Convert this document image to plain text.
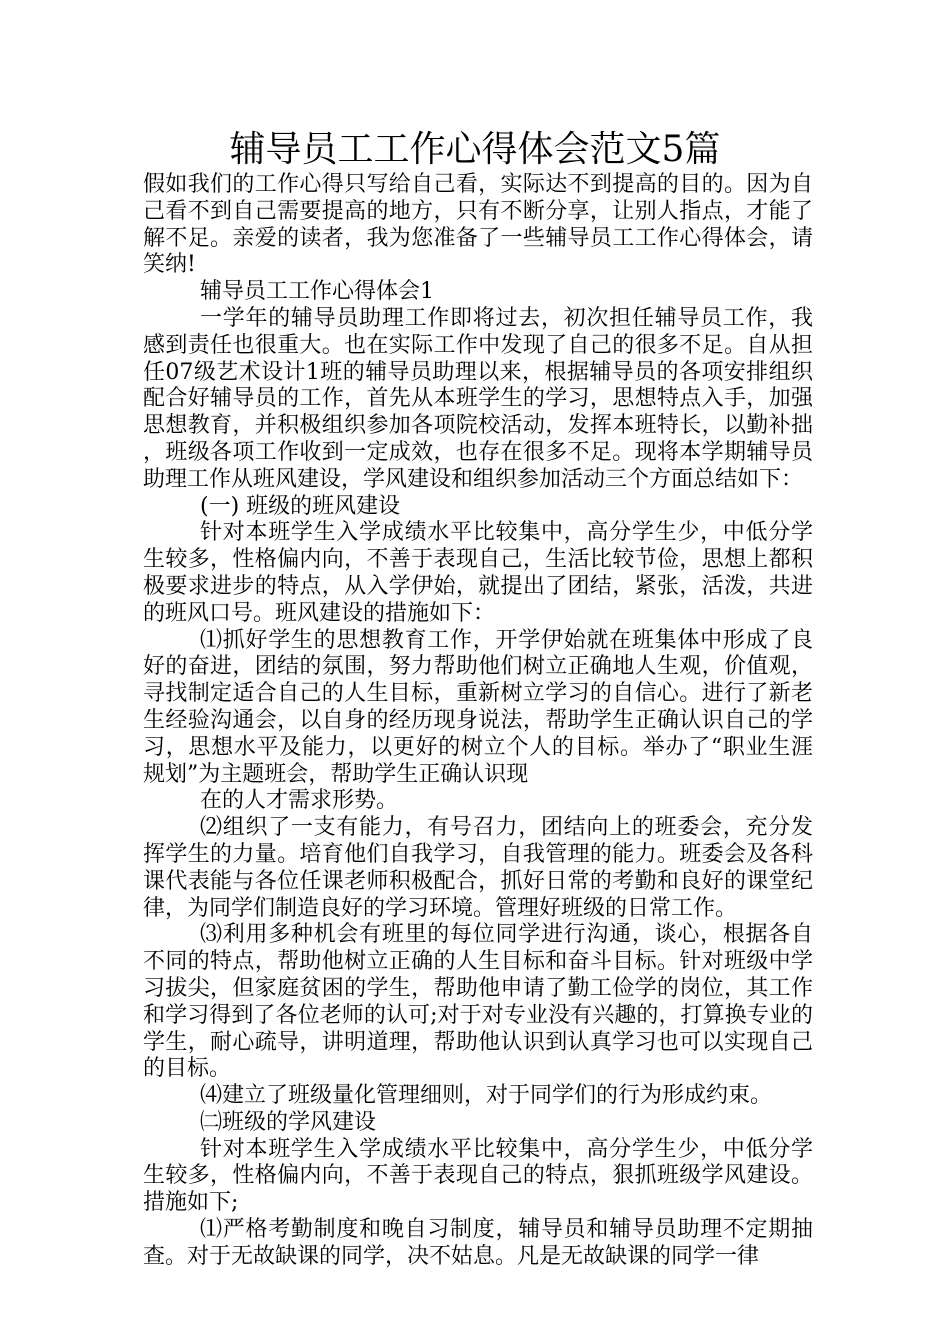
辅导员工工作心得体会范文5篇

假如我们的工作心得只写给自己看，实际达不到提高的目的。因为自己看不到自己需要提高的地方，只有不断分享，让别人指点，才能了解不足。亲爱的读者，我为您准备了一些辅导员工工作心得体会，请笑纳!

辅导员工工作心得体会1

一学年的辅导员助理工作即将过去，初次担任辅导员工作，我感到责任也很重大。也在实际工作中发现了自己的很多不足。自从担任07级艺术设计1班的辅导员助理以来，根据辅导员的各项安排组织配合好辅导员的工作，首先从本班学生的学习，思想特点入手，加强思想教育，并积极组织参加各项院校活动，发挥本班特长，以勤补拙，班级各项工作收到一定成效，也存在很多不足。现将本学期辅导员助理工作从班风建设，学风建设和组织参加活动三个方面总结如下：

(一) 班级的班风建设

针对本班学生入学成绩水平比较集中，高分学生少，中低分学生较多，性格偏内向，不善于表现自己，生活比较节俭，思想上都积极要求进步的特点，从入学伊始，就提出了团结，紧张，活泼，共进的班风口号。班风建设的措施如下：

⑴抓好学生的思想教育工作，开学伊始就在班集体中形成了良好的奋进，团结的氛围，努力帮助他们树立正确地人生观，价值观，寻找制定适合自己的人生目标，重新树立学习的自信心。进行了新老生经验沟通会，以自身的经历现身说法，帮助学生正确认识自己的学习，思想水平及能力，以更好的树立个人的目标。举办了“职业生涯规划”为主题班会，帮助学生正确认识现

在的人才需求形势。

⑵组织了一支有能力，有号召力，团结向上的班委会，充分发挥学生的力量。培育他们自我学习，自我管理的能力。班委会及各科课代表能与各位任课老师积极配合，抓好日常的考勤和良好的课堂纪律，为同学们制造良好的学习环境。管理好班级的日常工作。

⑶利用多种机会有班里的每位同学进行沟通，谈心，根据各自不同的特点，帮助他树立正确的人生目标和奋斗目标。针对班级中学习拔尖，但家庭贫困的学生，帮助他申请了勤工俭学的岗位，其工作和学习得到了各位老师的认可;对于对专业没有兴趣的，打算换专业的学生，耐心疏导，讲明道理，帮助他认识到认真学习也可以实现自己的目标。

⑷建立了班级量化管理细则，对于同学们的行为形成约束。

㈡班级的学风建设

针对本班学生入学成绩水平比较集中，高分学生少，中低分学生较多，性格偏内向，不善于表现自己的特点，狠抓班级学风建设。措施如下;

⑴严格考勤制度和晚自习制度，辅导员和辅导员助理不定期抽查。对于无故缺课的同学，决不姑息。凡是无故缺课的同学一律
